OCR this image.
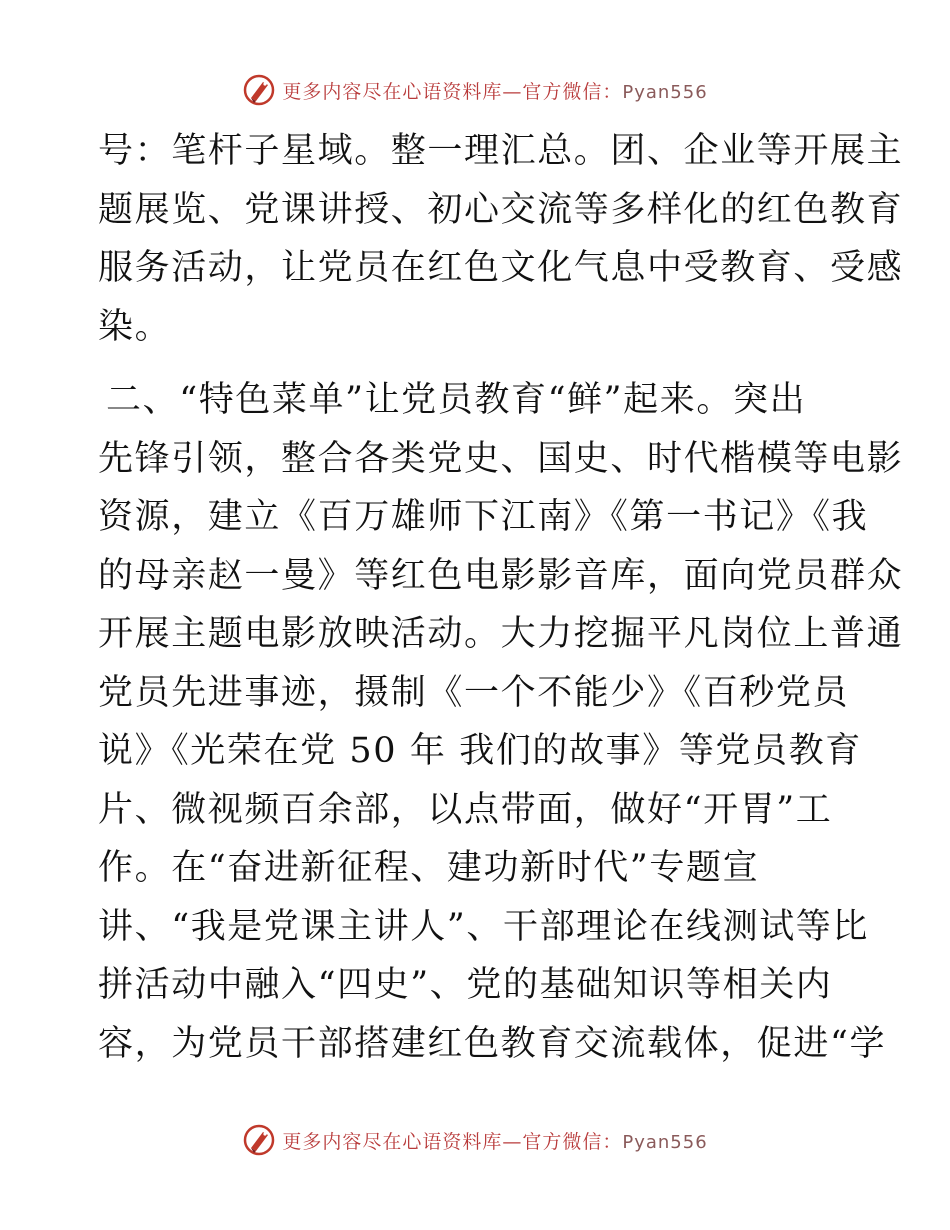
更多内容尽在心语资料库—官方微信：Pyan556
号：笔杆子星域。整一理汇总。团、企业等开展主
题展览、党课讲授、初心交流等多样化的红色教育
服务活动，让党员在红色文化气息中受教育、受感
染。
二、“特色菜单”让党员教育“鲜”起来。突出
先锋引领，整合各类党史、国史、时代楷模等电影
资源，建立《百万雄师下江南》《第一书记》《我
的母亲赵一曼》等红色电影影音库，面向党员群众
开展主题电影放映活动。大力挖掘平凡岗位上普通
党员先进事迹，摄制《一个不能少》《百秒党员
说》《光荣在党 50 年 我们的故事》等党员教育
片、微视频百余部，以点带面，做好“开胃”工
作。在“奋进新征程、建功新时代”专题宣
讲、“我是党课主讲人”、干部理论在线测试等比
拼活动中融入“四史”、党的基础知识等相关内
容，为党员干部搭建红色教育交流载体，促进“学
更多内容尽在心语资料库—官方微信：Pyan556
